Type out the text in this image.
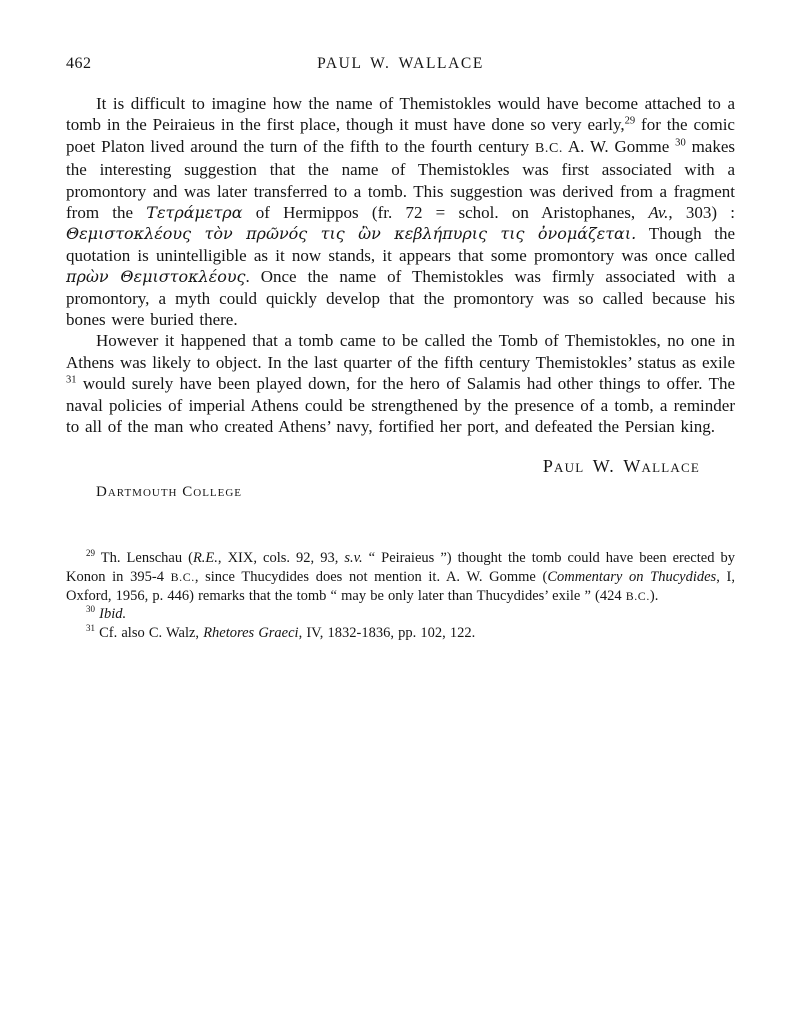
462	PAUL W. WALLACE

It is difficult to imagine how the name of Themistokles would have become attached to a tomb in the Peiraieus in the first place, though it must have done so very early,$^{29}$ for the comic poet Platon lived around the turn of the fifth to the fourth century B.C. A. W. Gomme $^{30}$ makes the interesting suggestion that the name of Themistokles was first associated with a promontory and was later transferred to a tomb. This suggestion was derived from a fragment from the Τετράμετρα of Hermippos (fr. 72 = schol. on Aristophanes, Av., 303) : Θεμιστοκλέους τὸν πρῶνός τις ὢν κεβλήπυρις τις ὀνομάζεται. Though the quotation is unintelligible as it now stands, it appears that some promontory was once called πρὼν Θεμιστοκλέους. Once the name of Themistokles was firmly associated with a promontory, a myth could quickly develop that the promontory was so called because his bones were buried there.

However it happened that a tomb came to be called the Tomb of Themistokles, no one in Athens was likely to object. In the last quarter of the fifth century Themistokles’ status as exile $^{31}$ would surely have been played down, for the hero of Salamis had other things to offer. The naval policies of imperial Athens could be strengthened by the presence of a tomb, a reminder to all of the man who created Athens’ navy, fortified her port, and defeated the Persian king.

Paul W. Wallace

Dartmouth College

$^{29}$ Th. Lenschau (R.E., XIX, cols. 92, 93, s.v. “ Peiraieus ”) thought the tomb could have been erected by Konon in 395-4 B.C., since Thucydides does not mention it. A. W. Gomme (Commentary on Thucydides, I, Oxford, 1956, p. 446) remarks that the tomb “ may be only later than Thucydides’ exile ” (424 B.C.).

$^{30}$ Ibid.

$^{31}$ Cf. also C. Walz, Rhetores Graeci, IV, 1832-1836, pp. 102, 122.
